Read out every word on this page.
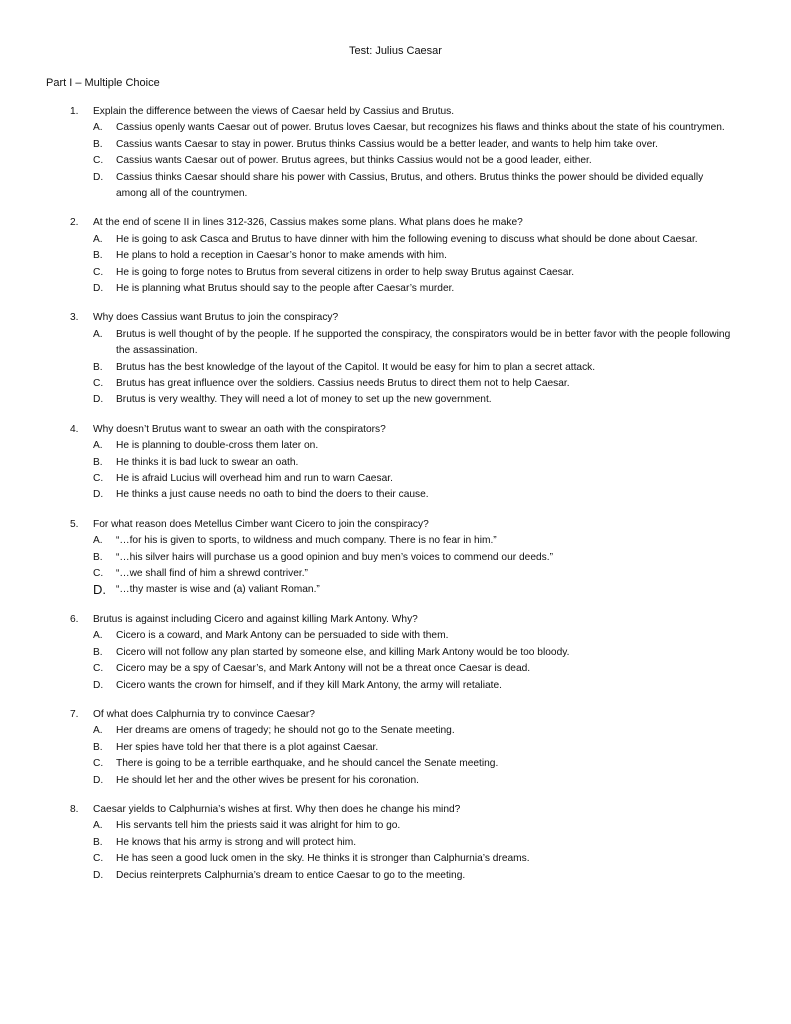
Test: Julius Caesar
Part I – Multiple Choice
1. Explain the difference between the views of Caesar held by Cassius and Brutus.
A. Cassius openly wants Caesar out of power. Brutus loves Caesar, but recognizes his flaws and thinks about the state of his countrymen.
B. Cassius wants Caesar to stay in power. Brutus thinks Cassius would be a better leader, and wants to help him take over.
C. Cassius wants Caesar out of power. Brutus agrees, but thinks Cassius would not be a good leader, either.
D. Cassius thinks Caesar should share his power with Cassius, Brutus, and others. Brutus thinks the power should be divided equally among all of the countrymen.
2. At the end of scene II in lines 312-326, Cassius makes some plans. What plans does he make?
A. He is going to ask Casca and Brutus to have dinner with him the following evening to discuss what should be done about Caesar.
B. He plans to hold a reception in Caesar’s honor to make amends with him.
C. He is going to forge notes to Brutus from several citizens in order to help sway Brutus against Caesar.
D. He is planning what Brutus should say to the people after Caesar’s murder.
3. Why does Cassius want Brutus to join the conspiracy?
A. Brutus is well thought of by the people. If he supported the conspiracy, the conspirators would be in better favor with the people following the assassination.
B. Brutus has the best knowledge of the layout of the Capitol. It would be easy for him to plan a secret attack.
C. Brutus has great influence over the soldiers. Cassius needs Brutus to direct them not to help Caesar.
D. Brutus is very wealthy. They will need a lot of money to set up the new government.
4. Why doesn’t Brutus want to swear an oath with the conspirators?
A. He is planning to double-cross them later on.
B. He thinks it is bad luck to swear an oath.
C. He is afraid Lucius will overhead him and run to warn Caesar.
D. He thinks a just cause needs no oath to bind the doers to their cause.
5. For what reason does Metellus Cimber want Cicero to join the conspiracy?
A. “…for his is given to sports, to wildness and much company. There is no fear in him.”
B. “…his silver hairs will purchase us a good opinion and buy men’s voices to commend our deeds.”
C. “…we shall find of him a shrewd contriver.”
D. “…thy master is wise and (a) valiant Roman.”
6. Brutus is against including Cicero and against killing Mark Antony. Why?
A. Cicero is a coward, and Mark Antony can be persuaded to side with them.
B. Cicero will not follow any plan started by someone else, and killing Mark Antony would be too bloody.
C. Cicero may be a spy of Caesar’s, and Mark Antony will not be a threat once Caesar is dead.
D. Cicero wants the crown for himself, and if they kill Mark Antony, the army will retaliate.
7. Of what does Calphurnia try to convince Caesar?
A. Her dreams are omens of tragedy; he should not go to the Senate meeting.
B. Her spies have told her that there is a plot against Caesar.
C. There is going to be a terrible earthquake, and he should cancel the Senate meeting.
D. He should let her and the other wives be present for his coronation.
8. Caesar yields to Calphurnia’s wishes at first. Why then does he change his mind?
A. His servants tell him the priests said it was alright for him to go.
B. He knows that his army is strong and will protect him.
C. He has seen a good luck omen in the sky. He thinks it is stronger than Calphurnia’s dreams.
D. Decius reinterprets Calphurnia’s dream to entice Caesar to go to the meeting.
